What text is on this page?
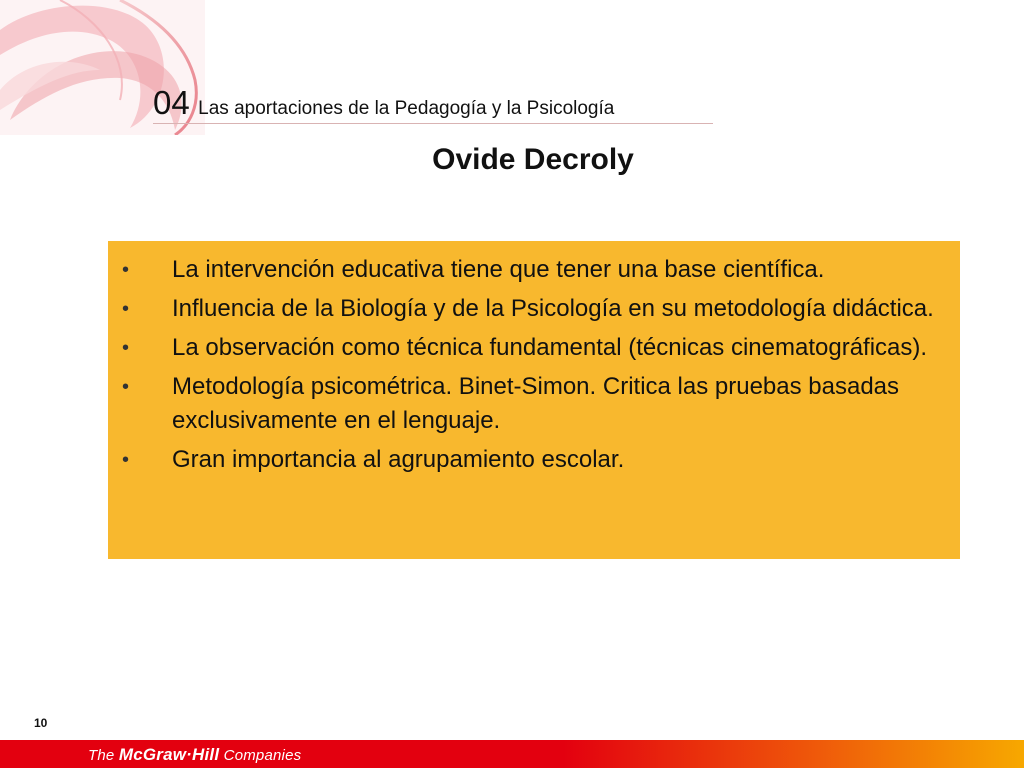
04 Las aportaciones de la Pedagogía y la Psicología
Ovide Decroly
• La intervención educativa tiene que tener una base científica.
• Influencia de la Biología y de la Psicología en su metodología didáctica.
• La observación como técnica fundamental (técnicas cinematográficas).
• Metodología psicométrica. Binet-Simon. Critica las pruebas basadas exclusivamente en el lenguaje.
• Gran importancia al agrupamiento escolar.
10
The McGraw·Hill Companies
